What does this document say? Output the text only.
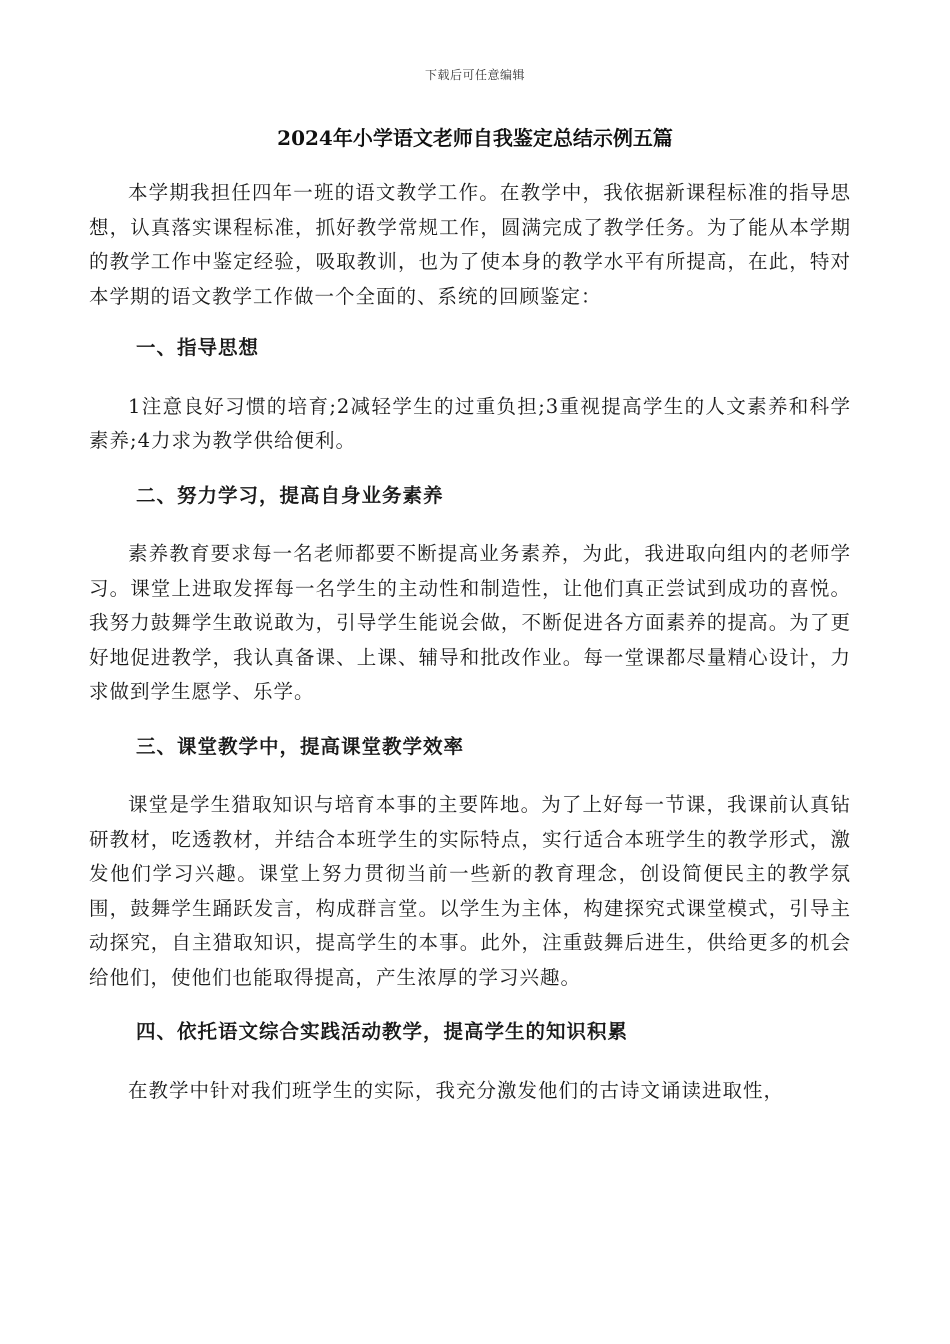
下载后可任意编辑
2024年小学语文老师自我鉴定总结示例五篇

本学期我担任四年一班的语文教学工作。在教学中，我依据新课程标准的指导思想，认真落实课程标准，抓好教学常规工作，圆满完成了教学任务。为了能从本学期的教学工作中鉴定经验，吸取教训，也为了使本身的教学水平有所提高，在此，特对本学期的语文教学工作做一个全面的、系统的回顾鉴定：

一、指导思想

1注意良好习惯的培育;2减轻学生的过重负担;3重视提高学生的人文素养和科学素养;4力求为教学供给便利。

二、努力学习，提高自身业务素养

素养教育要求每一名老师都要不断提高业务素养，为此，我进取向组内的老师学习。课堂上进取发挥每一名学生的主动性和制造性，让他们真正尝试到成功的喜悦。我努力鼓舞学生敢说敢为，引导学生能说会做，不断促进各方面素养的提高。为了更好地促进教学，我认真备课、上课、辅导和批改作业。每一堂课都尽量精心设计，力求做到学生愿学、乐学。

三、课堂教学中，提高课堂教学效率

课堂是学生猎取知识与培育本事的主要阵地。为了上好每一节课，我课前认真钻研教材，吃透教材，并结合本班学生的实际特点，实行适合本班学生的教学形式，激发他们学习兴趣。课堂上努力贯彻当前一些新的教育理念，创设简便民主的教学氛围，鼓舞学生踊跃发言，构成群言堂。以学生为主体，构建探究式课堂模式，引导主动探究，自主猎取知识，提高学生的本事。此外，注重鼓舞后进生，供给更多的机会给他们，使他们也能取得提高，产生浓厚的学习兴趣。

四、依托语文综合实践活动教学，提高学生的知识积累

在教学中针对我们班学生的实际，我充分激发他们的古诗文诵读进取性，
